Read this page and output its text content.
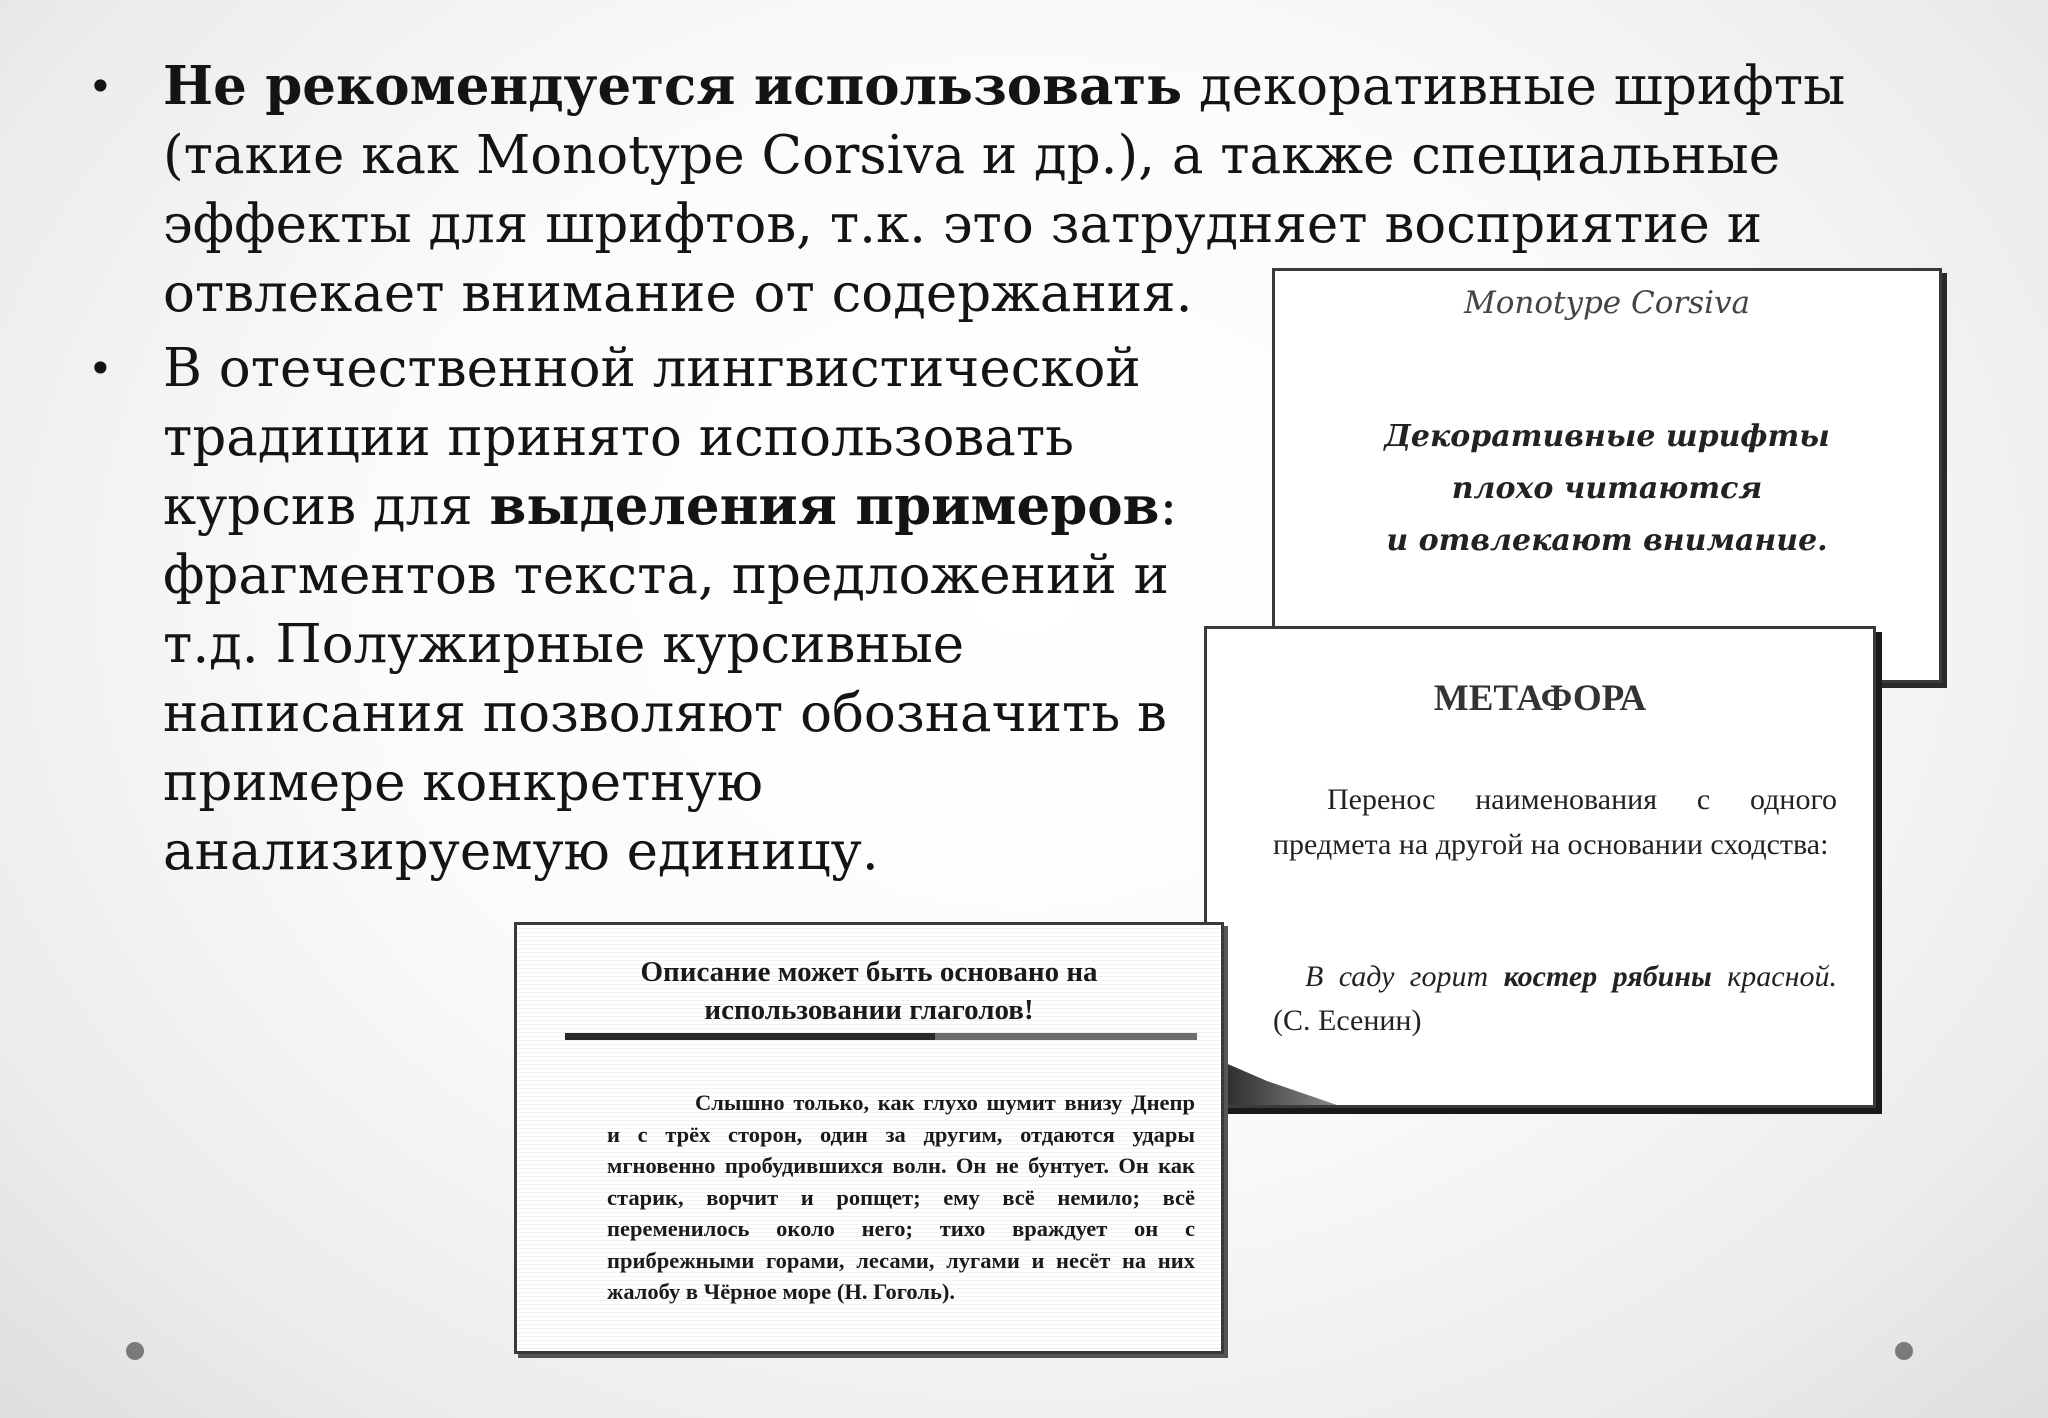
• Не рекомендуется использовать декоративные шрифты
(такие как Monotype Corsiva и др.), а также специальные
эффекты для шрифтов, т.к. это затрудняет восприятие и
отвлекает внимание от содержания.
• В отечественной лингвистической
традиции принято использовать
курсив для выделения примеров:
фрагментов текста, предложений и
т.д. Полужирные курсивные
написания позволяют обозначить в
примере конкретную
анализируемую единицу.
Monotype Corsiva
Декоративные шрифты
плохо читаются
и отвлекают внимание.
МЕТАФОРА
Перенос наименования с одного предмета на другой на основании сходства:
В саду горит костер рябины красной. (С. Есенин)
Описание может быть основано на
использовании глаголов!
Слышно только, как глухо шумит внизу Днепр и с трёх сторон, один за другим, отдаются удары мгновенно пробудившихся волн. Он не бунтует. Он как старик, ворчит и ропщет; ему всё немило; всё переменилось около него; тихо враждует он с прибрежными горами, лесами, лугами и несёт на них жалобу в Чёрное море (Н. Гоголь).
